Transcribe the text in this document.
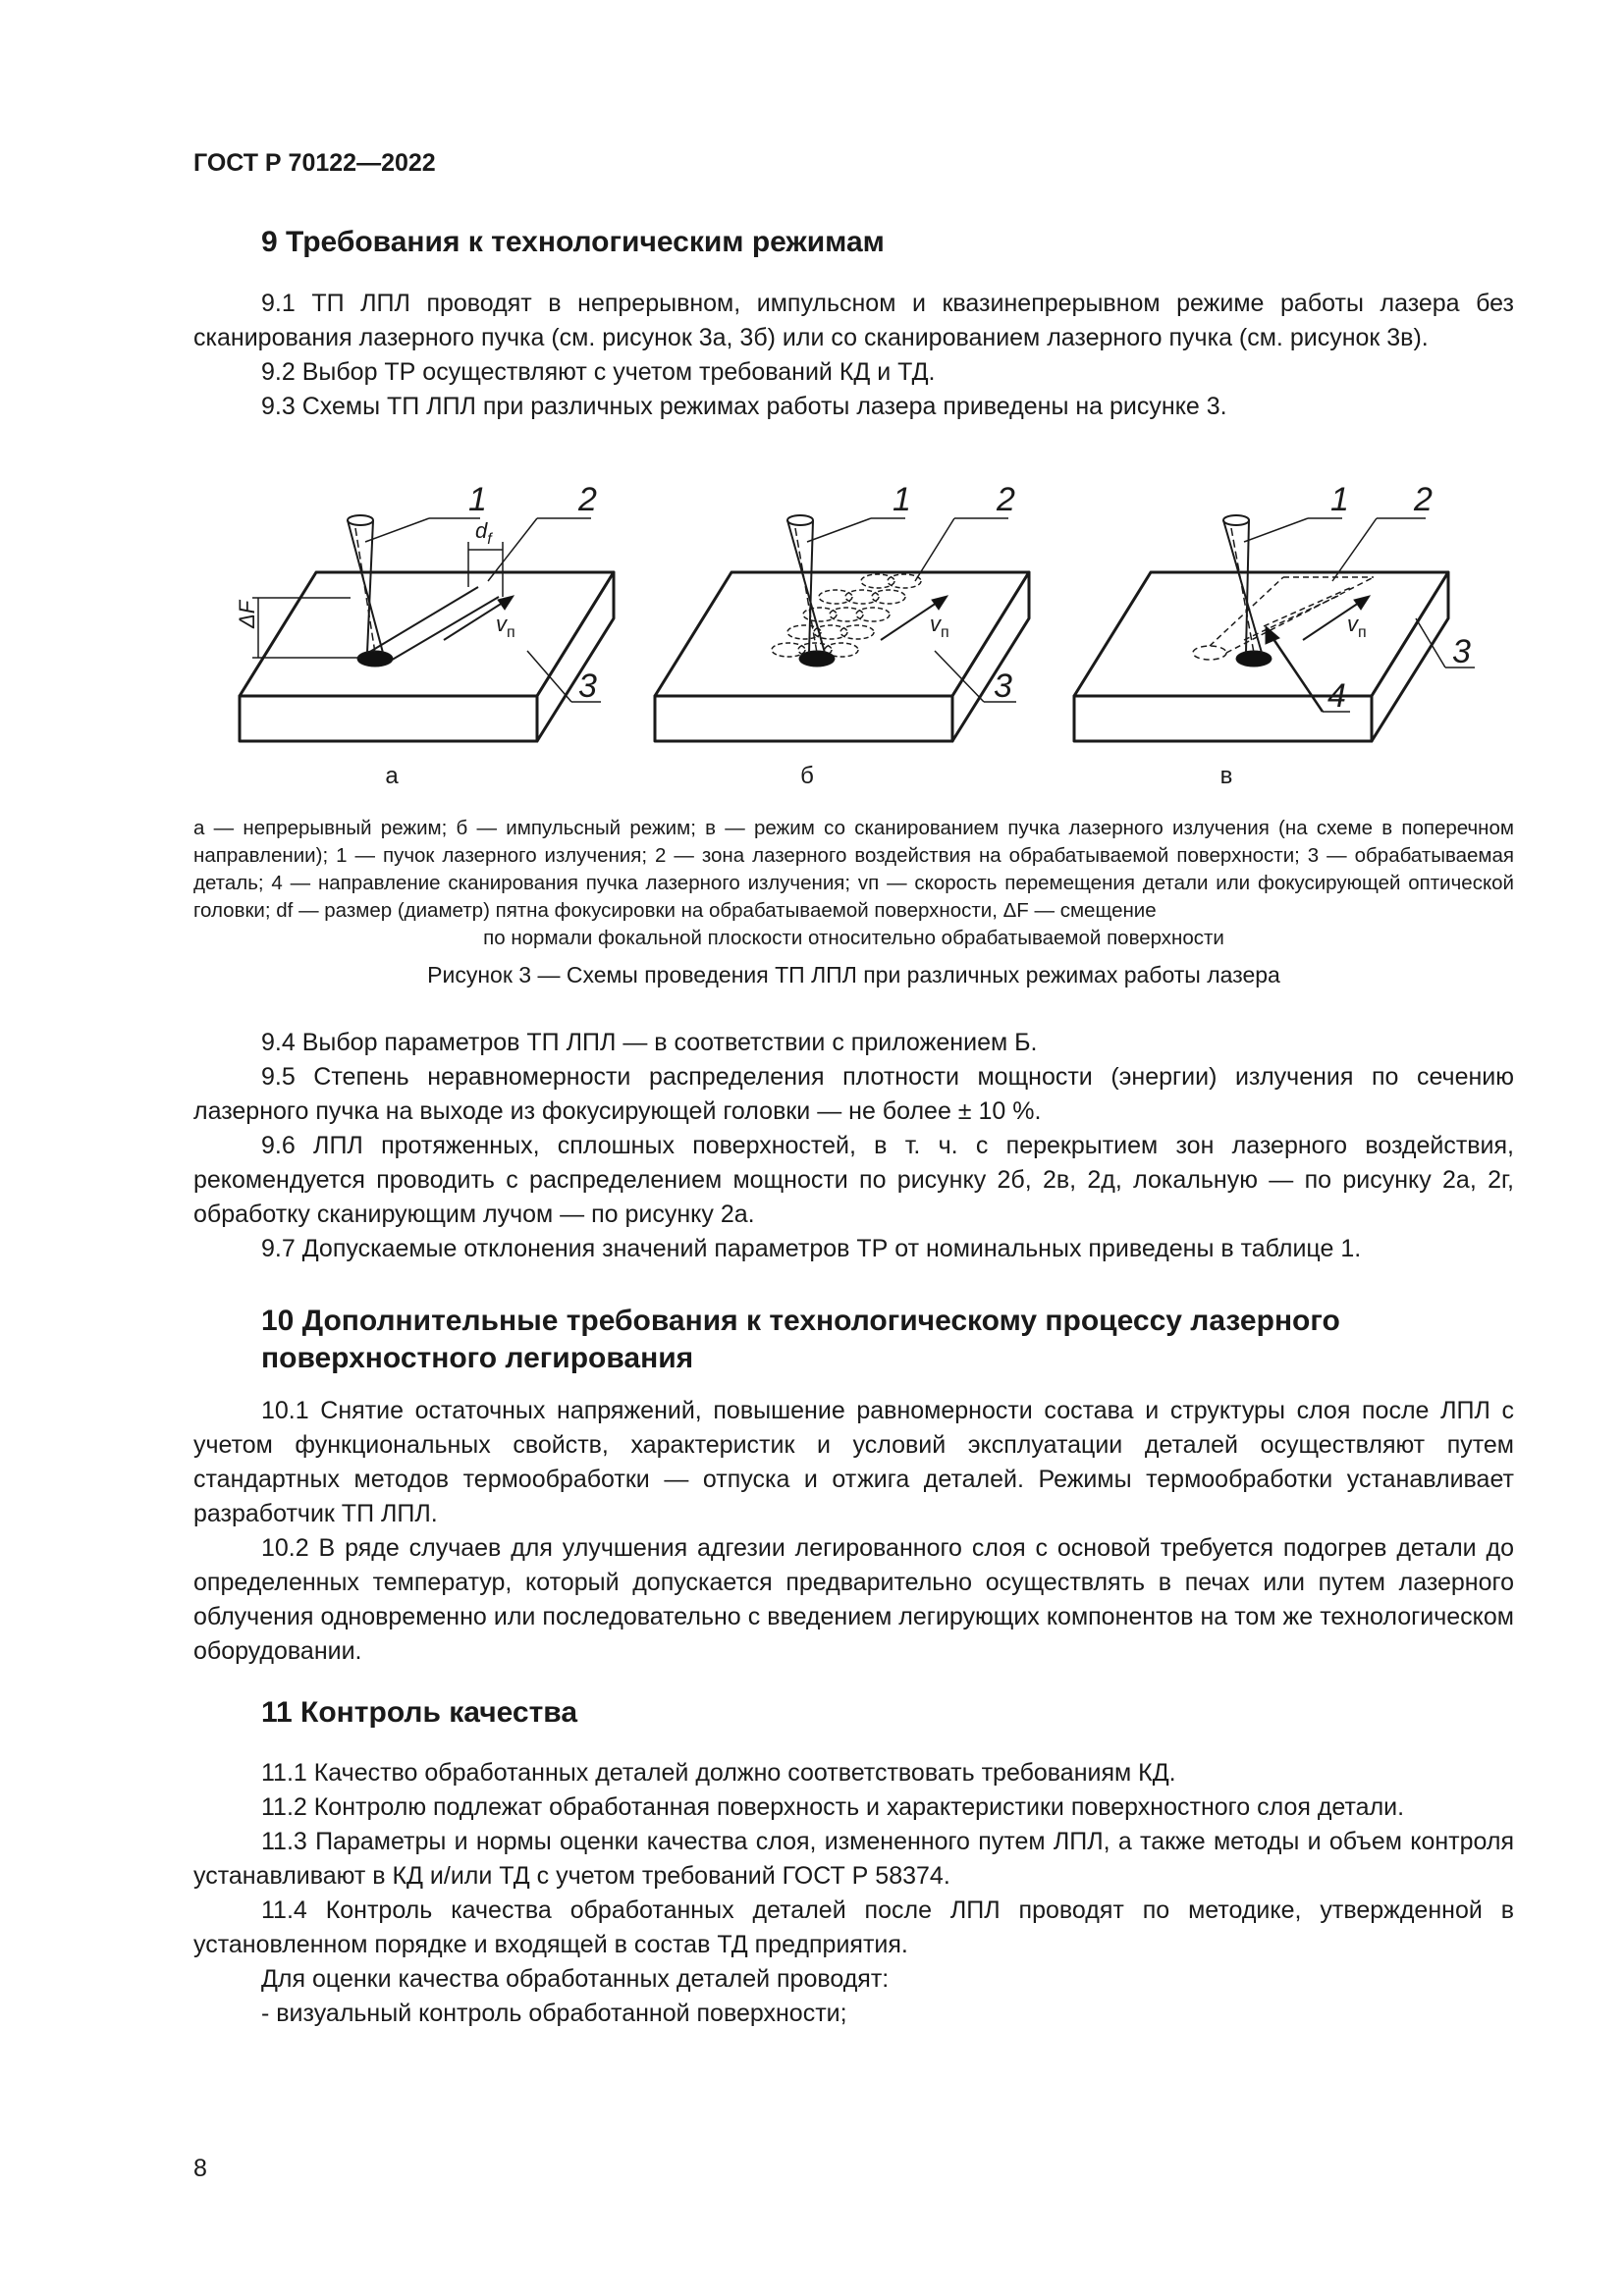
ГОСТ Р 70122—2022
9 Требования к технологическим режимам

9.1 ТП ЛПЛ проводят в непрерывном, импульсном и квазинепрерывном режиме работы лазера без сканирования лазерного пучка (см. рисунок 3а, 3б) или со сканированием лазерного пучка (см. рисунок 3в).

9.2 Выбор ТР осуществляют с учетом требований КД и ТД.

9.3 Схемы ТП ЛПЛ при различных режимах работы лазера приведены на рисунке 3.

1	2
3
1	2
3
1 2
3
4
$d_f$
ΔF	$v_п$	$v_п$	$v_п$
а	б	в

а — непрерывный режим; б — импульсный режим; в — режим со сканированием пучка лазерного излучения (на схеме в поперечном направлении); 1 — пучок лазерного излучения; 2 — зона лазерного воздействия на обрабатываемой поверхности; 3 — обрабатываемая деталь; 4 — направление сканирования пучка лазерного излучения; vп — скорость перемещения детали или фокусирующей оптической головки; df — размер (диаметр) пятна фокусировки на обрабатываемой поверхности, ΔF — смещение

по нормали фокальной плоскости относительно обрабатываемой поверхности

Рисунок 3 — Схемы проведения ТП ЛПЛ при различных режимах работы лазера

9.4 Выбор параметров ТП ЛПЛ — в соответствии с приложением Б.

9.5 Степень неравномерности распределения плотности мощности (энергии) излучения по сечению лазерного пучка на выходе из фокусирующей головки — не более ± 10 %.

9.6 ЛПЛ протяженных, сплошных поверхностей, в т. ч. с перекрытием зон лазерного воздействия, рекомендуется проводить с распределением мощности по рисунку 2б, 2в, 2д, локальную — по рисунку 2а, 2г, обработку сканирующим лучом — по рисунку 2а.

9.7 Допускаемые отклонения значений параметров ТР от номинальных приведены в таблице 1.

10 Дополнительные требования к технологическому процессу лазерного
поверхностного легирования

10.1 Снятие остаточных напряжений, повышение равномерности состава и структуры слоя после ЛПЛ с учетом функциональных свойств, характеристик и условий эксплуатации деталей осуществляют путем стандартных методов термообработки — отпуска и отжига деталей. Режимы термообработки устанавливает разработчик ТП ЛПЛ.

10.2 В ряде случаев для улучшения адгезии легированного слоя с основой требуется подогрев детали до определенных температур, который допускается предварительно осуществлять в печах или путем лазерного облучения одновременно или последовательно с введением легирующих компонентов на том же технологическом оборудовании.

11 Контроль качества

11.1 Качество обработанных деталей должно соответствовать требованиям КД.

11.2 Контролю подлежат обработанная поверхность и характеристики поверхностного слоя детали.

11.3 Параметры и нормы оценки качества слоя, измененного путем ЛПЛ, а также методы и объем контроля устанавливают в КД и/или ТД с учетом требований ГОСТ Р 58374.

11.4 Контроль качества обработанных деталей после ЛПЛ проводят по методике, утвержденной в установленном порядке и входящей в состав ТД предприятия.

Для оценки качества обработанных деталей проводят:

- визуальный контроль обработанной поверхности;

8
